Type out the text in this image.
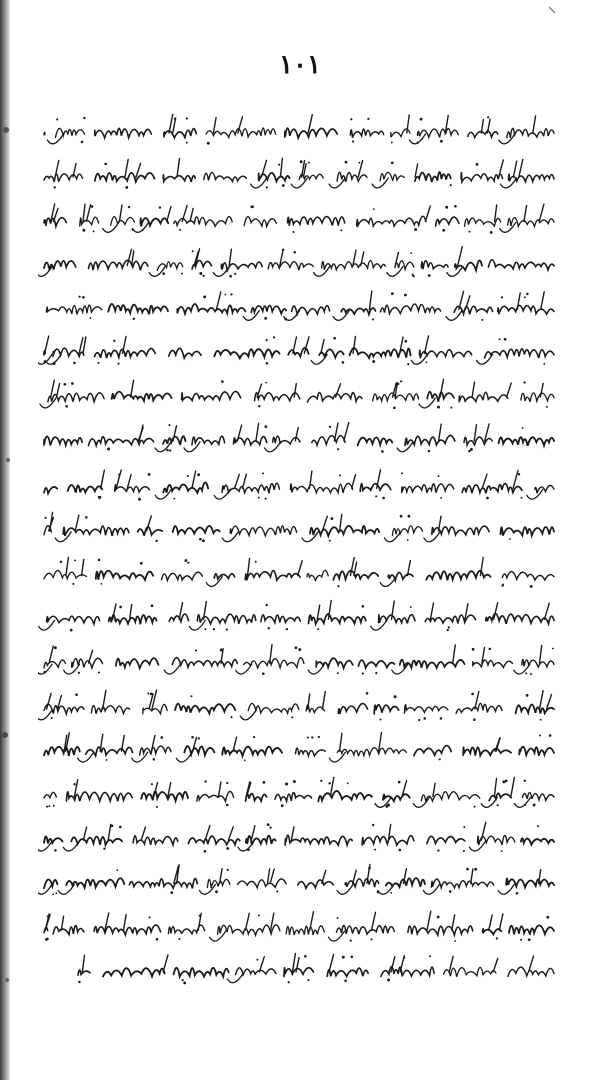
١٠١
